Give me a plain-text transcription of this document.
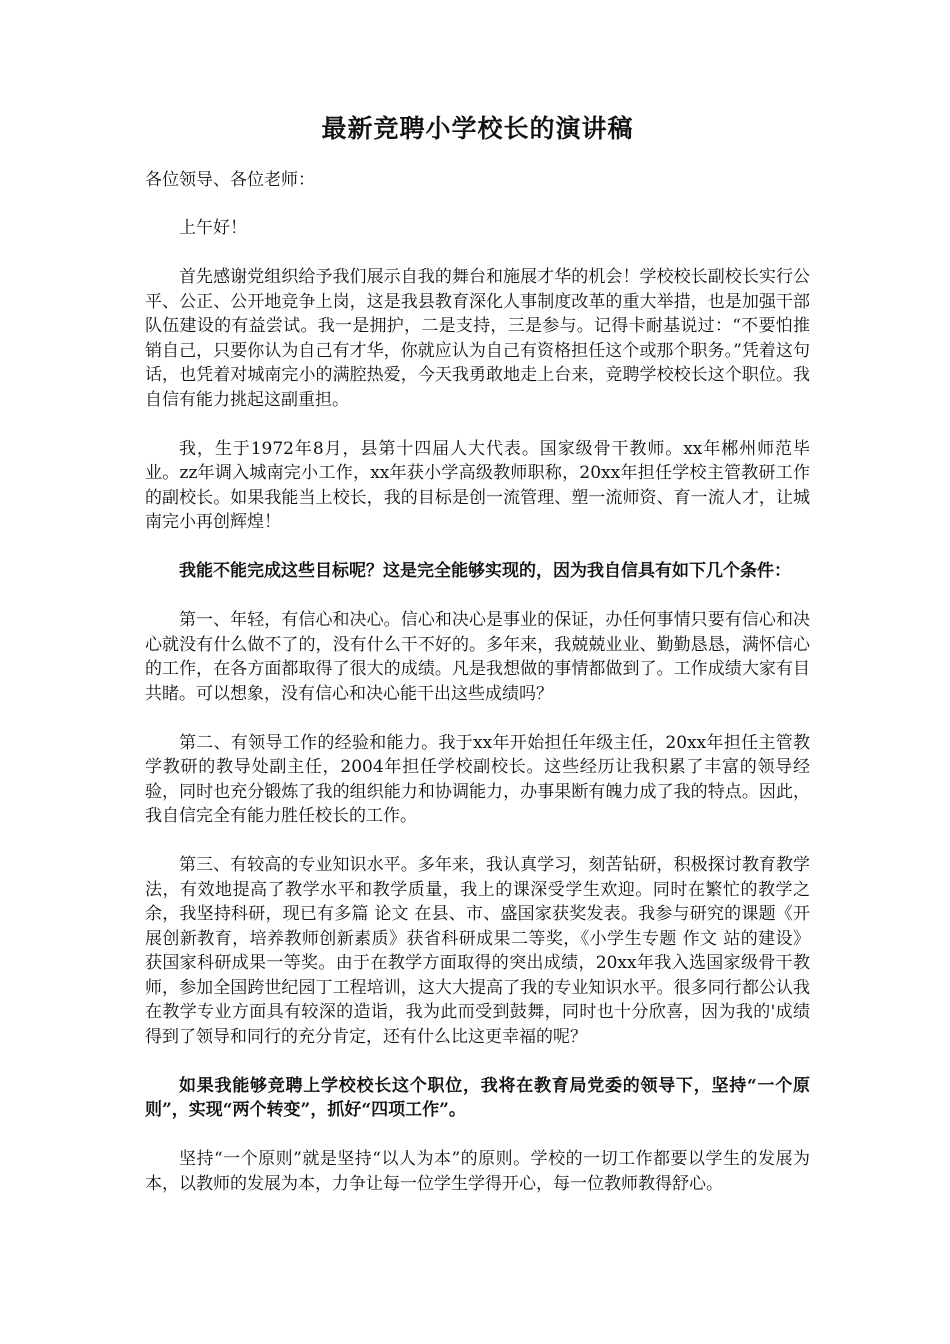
最新竞聘小学校长的演讲稿
各位领导、各位老师：
上午好！
首先感谢党组织给予我们展示自我的舞台和施展才华的机会！学校校长副校长实行公平、公正、公开地竞争上岗，这是我县教育深化人事制度改革的重大举措，也是加强干部队伍建设的有益尝试。我一是拥护，二是支持，三是参与。记得卡耐基说过：“不要怕推销自己，只要你认为自己有才华，你就应认为自己有资格担任这个或那个职务。”凭着这句话，也凭着对城南完小的满腔热爱，今天我勇敢地走上台来，竞聘学校校长这个职位。我自信有能力挑起这副重担。
我，生于1972年8月，县第十四届人大代表。国家级骨干教师。xx年郴州师范毕业。zz年调入城南完小工作，xx年获小学高级教师职称，20xx年担任学校主管教研工作的副校长。如果我能当上校长，我的目标是创一流管理、塑一流师资、育一流人才，让城南完小再创辉煌！
我能不能完成这些目标呢？这是完全能够实现的，因为我自信具有如下几个条件：
第一、年轻，有信心和决心。信心和决心是事业的保证，办任何事情只要有信心和决心就没有什么做不了的，没有什么干不好的。多年来，我兢兢业业、勤勤恳恳，满怀信心的工作，在各方面都取得了很大的成绩。凡是我想做的事情都做到了。工作成绩大家有目共睹。可以想象，没有信心和决心能干出这些成绩吗？
第二、有领导工作的经验和能力。我于xx年开始担任年级主任，20xx年担任主管教学教研的教导处副主任，2004年担任学校副校长。这些经历让我积累了丰富的领导经验，同时也充分锻炼了我的组织能力和协调能力，办事果断有魄力成了我的特点。因此，我自信完全有能力胜任校长的工作。
第三、有较高的专业知识水平。多年来，我认真学习，刻苦钻研，积极探讨教育教学法，有效地提高了教学水平和教学质量，我上的课深受学生欢迎。同时在繁忙的教学之余，我坚持科研，现已有多篇 论文 在县、市、盛国家获奖发表。我参与研究的课题《开展创新教育，培养教师创新素质》获省科研成果二等奖，《小学生专题 作文 站的建设》获国家科研成果一等奖。由于在教学方面取得的突出成绩，20xx年我入选国家级骨干教师，参加全国跨世纪园丁工程培训，这大大提高了我的专业知识水平。很多同行都公认我在教学专业方面具有较深的造诣，我为此而受到鼓舞，同时也十分欣喜，因为我的'成绩得到了领导和同行的充分肯定，还有什么比这更幸福的呢？
如果我能够竞聘上学校校长这个职位，我将在教育局党委的领导下，坚持“一个原则”，实现“两个转变”，抓好“四项工作”。
坚持“一个原则”就是坚持“以人为本”的原则。学校的一切工作都要以学生的发展为本，以教师的发展为本，力争让每一位学生学得开心，每一位教师教得舒心。
